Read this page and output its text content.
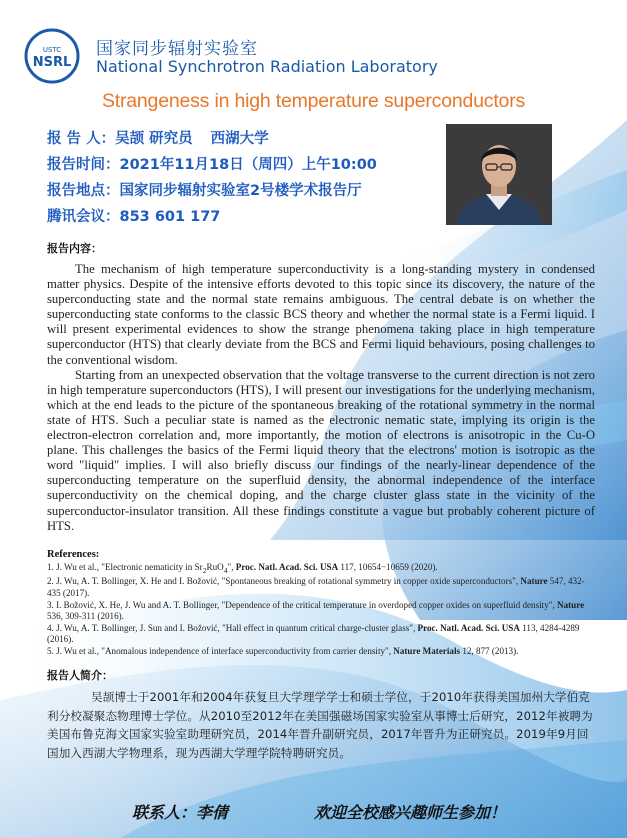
USTC
NSRL
国家同步辐射实验室
National Synchrotron Radiation Laboratory
Strangeness in high temperature superconductors
报 告 人：吴颉 研究员 西湖大学
报告时间：2021年11月18日（周四）上午10:00
报告地点：国家同步辐射实验室2号楼学术报告厅
腾讯会议：853 601 177
报告内容：

The mechanism of high temperature superconductivity is a long-standing mystery in condensed matter physics. Despite of the intensive efforts devoted to this topic since its discovery, the nature of the superconducting state and the normal state remains ambiguous. The central debate is on whether the superconducting state conforms to the classic BCS theory and whether the normal state is a Fermi liquid. I will present experimental evidences to show the strange phenomena taking place in high temperature superconductor (HTS) that clearly deviate from the BCS and Fermi liquid behaviours, posing challenges to the conventional wisdom.

Starting from an unexpected observation that the voltage transverse to the current direction is not zero in high temperature superconductors (HTS), I will present our investigations for the underlying mechanism, which at the end leads to the picture of the spontaneous breaking of the rotational symmetry in the normal state of HTS. Such a peculiar state is named as the electronic nematic state, implying its origin is the electron-electron correlation and, more importantly, the motion of electrons is anisotropic in the Cu-O plane. This challenges the basics of the Fermi liquid theory that the electrons' motion is isotropic as the word "liquid" implies. I will also briefly discuss our findings of the nearly-linear dependence of the superconducting temperature on the superfluid density, the abnormal independence of the interface superconductivity on the chemical doping, and the charge cluster glass state in the vicinity of the superconductor-insulator transition. All these findings constitute a vague but probably coherent picture of HTS.

References:
1. J. Wu et al., "Electronic nematicity in $Sr_2RuO_4$", Proc. Natl. Acad. Sci. USA 117, 10654−10659 (2020).
2. J. Wu, A. T. Bollinger, X. He and I. Božović, "Spontaneous breaking of rotational symmetry in copper oxide superconductors", Nature 547, 432-435 (2017).
3. I. Božović, X. He, J. Wu and A. T. Bollinger, "Dependence of the critical temperature in overdoped copper oxides on superfluid density", Nature 536, 309-311 (2016).
4. J. Wu, A. T. Bollinger, J. Sun and I. Božović, "Hall effect in quantum critical charge-cluster glass", Proc. Natl. Acad. Sci. USA 113, 4284-4289 (2016).
5. J. Wu et al., "Anomalous independence of interface superconductivity from carrier density", Nature Materials 12, 877 (2013).
报告人简介：
吴颉博士于2001年和2004年获复旦大学理学学士和硕士学位，于2010年获得美国加州大学伯克利分校凝聚态物理博士学位。从2010至2012年在美国强磁场国家实验室从事博士后研究，2012年被聘为美国布鲁克海文国家实验室助理研究员，2014年晋升副研究员，2017年晋升为正研究员。2019年9月回国加入西湖大学物理系，现为西湖大学理学院特聘研究员。
联系人：李倩	欢迎全校感兴趣师生参加！
